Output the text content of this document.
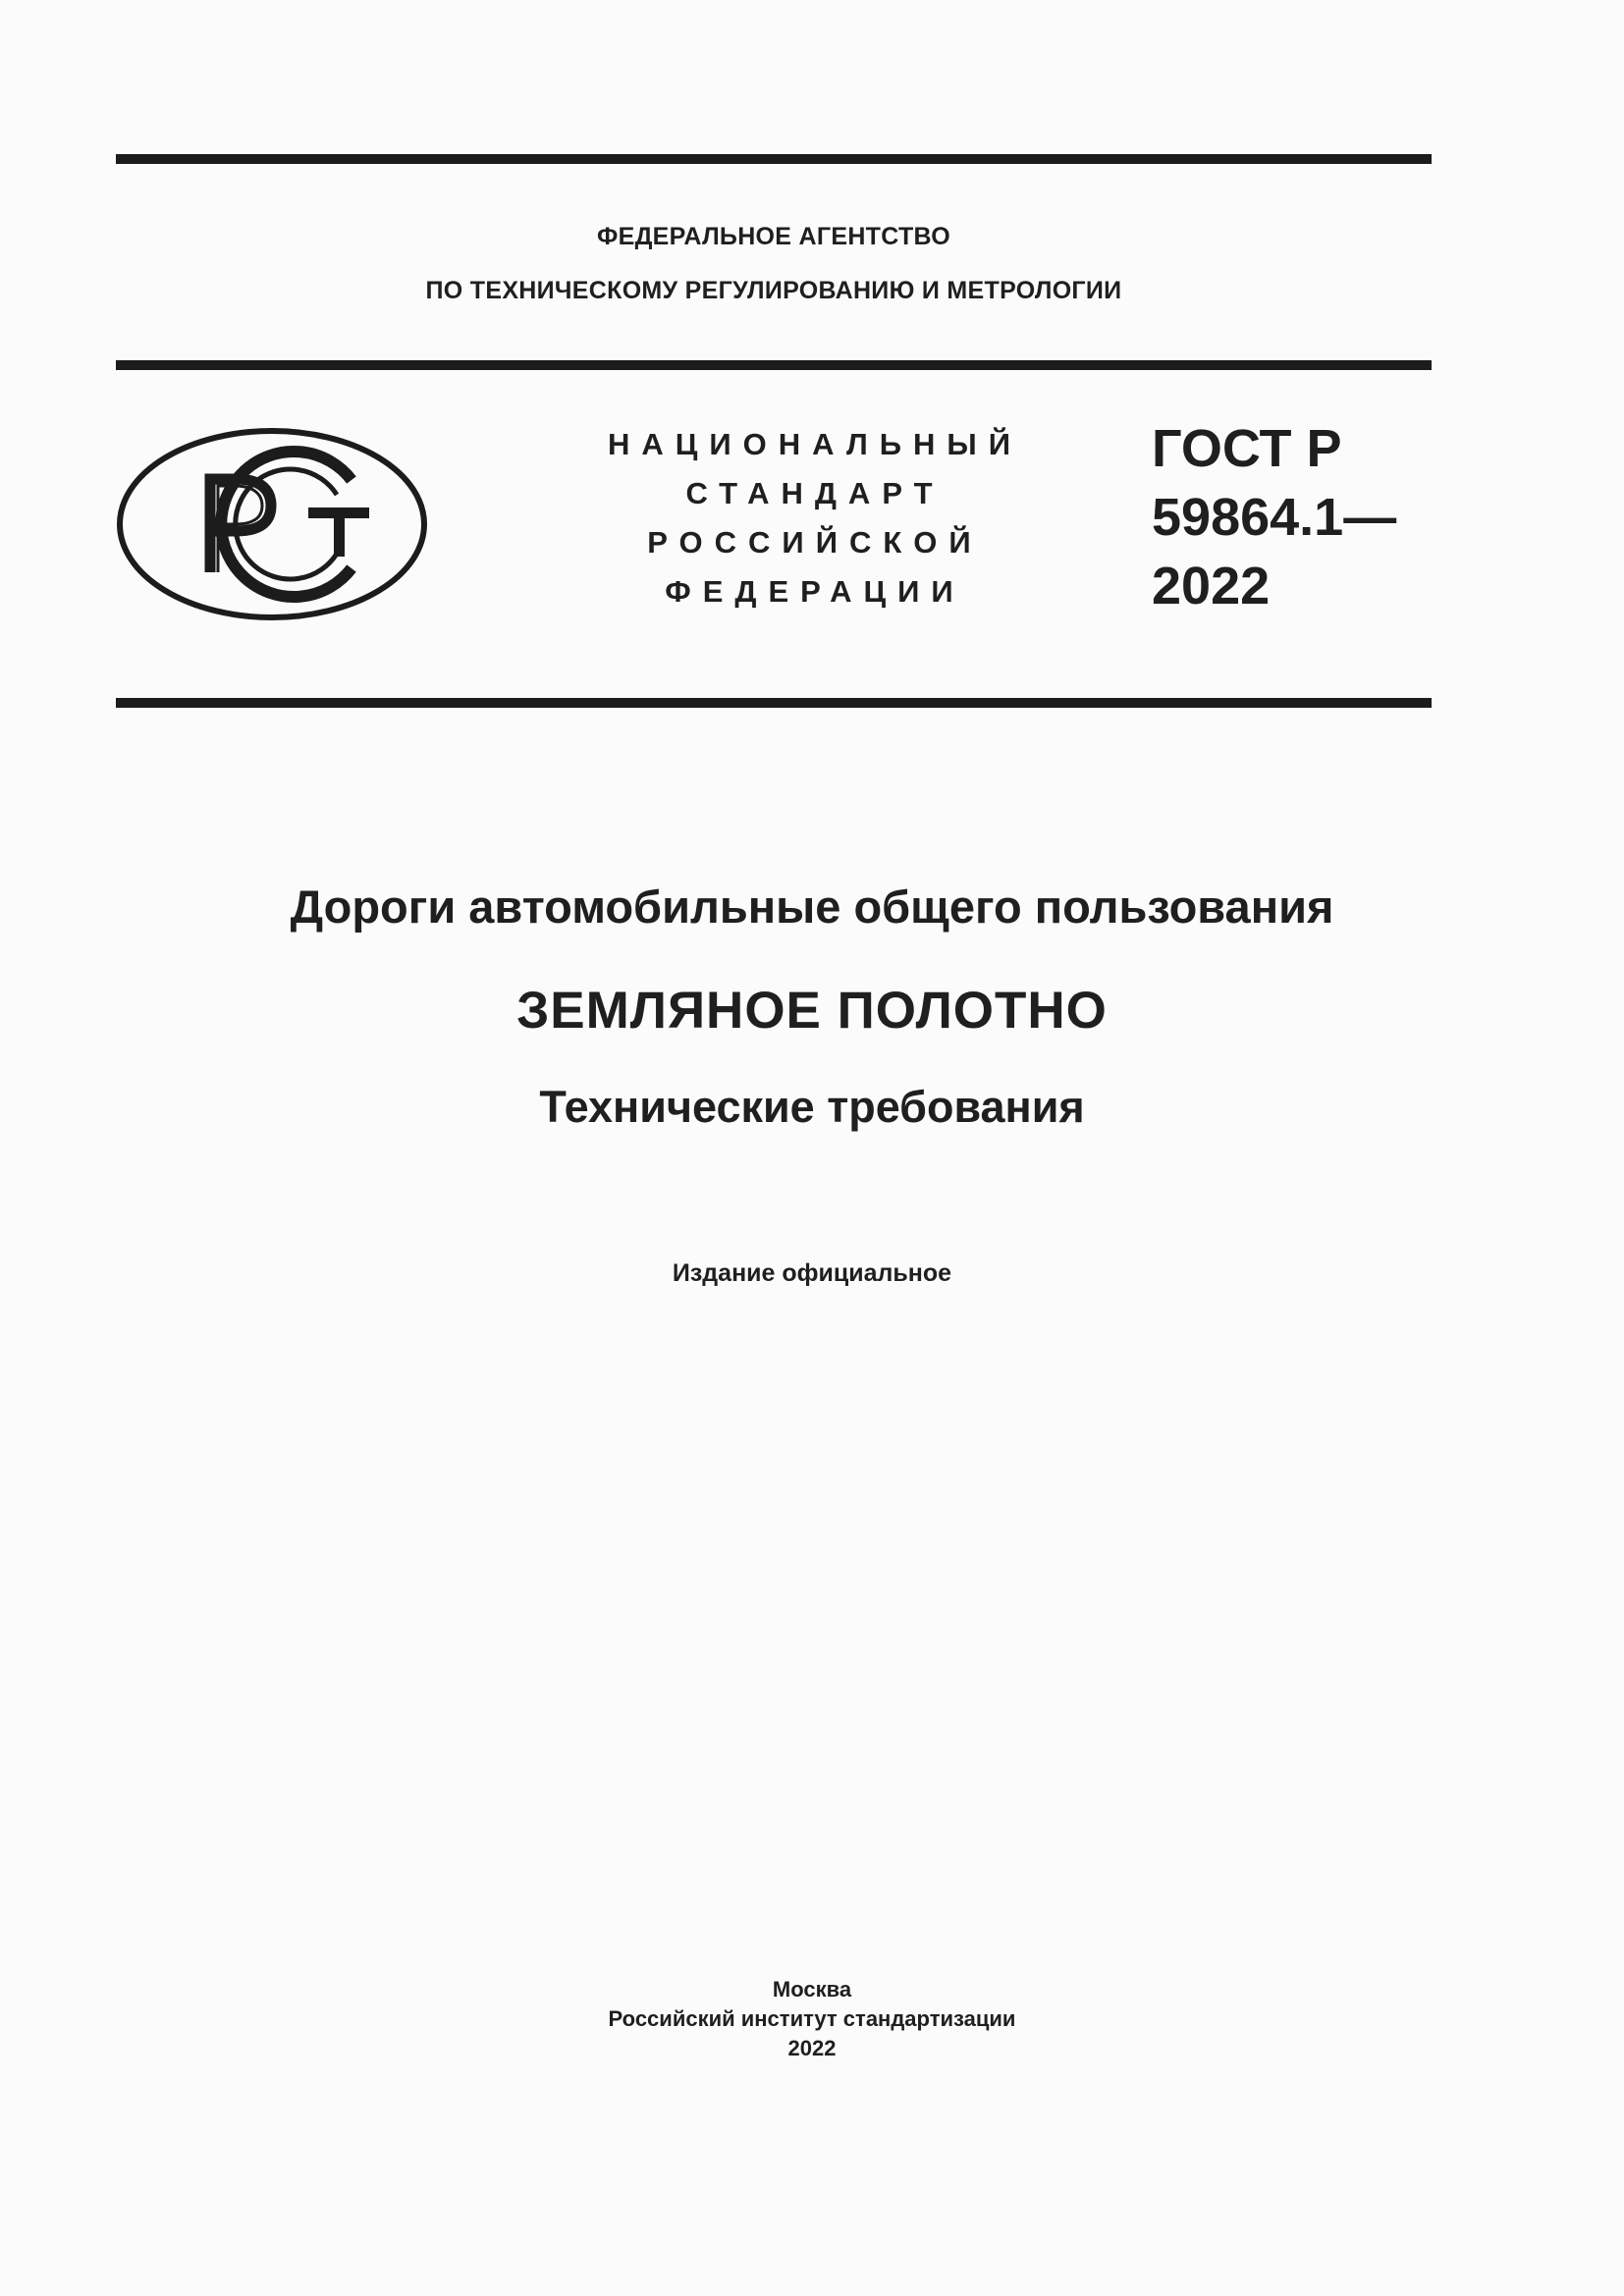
ФЕДЕРАЛЬНОЕ АГЕНТСТВО
ПО ТЕХНИЧЕСКОМУ РЕГУЛИРОВАНИЮ И МЕТРОЛОГИИ
НАЦИОНАЛЬНЫЙ
СТАНДАРТ
РОССИЙСКОЙ
ФЕДЕРАЦИИ
ГОСТ Р
59864.1—
2022
Дороги автомобильные общего пользования
ЗЕМЛЯНОЕ ПОЛОТНО
Технические требования
Издание официальное
Москва
Российский институт стандартизации
2022
